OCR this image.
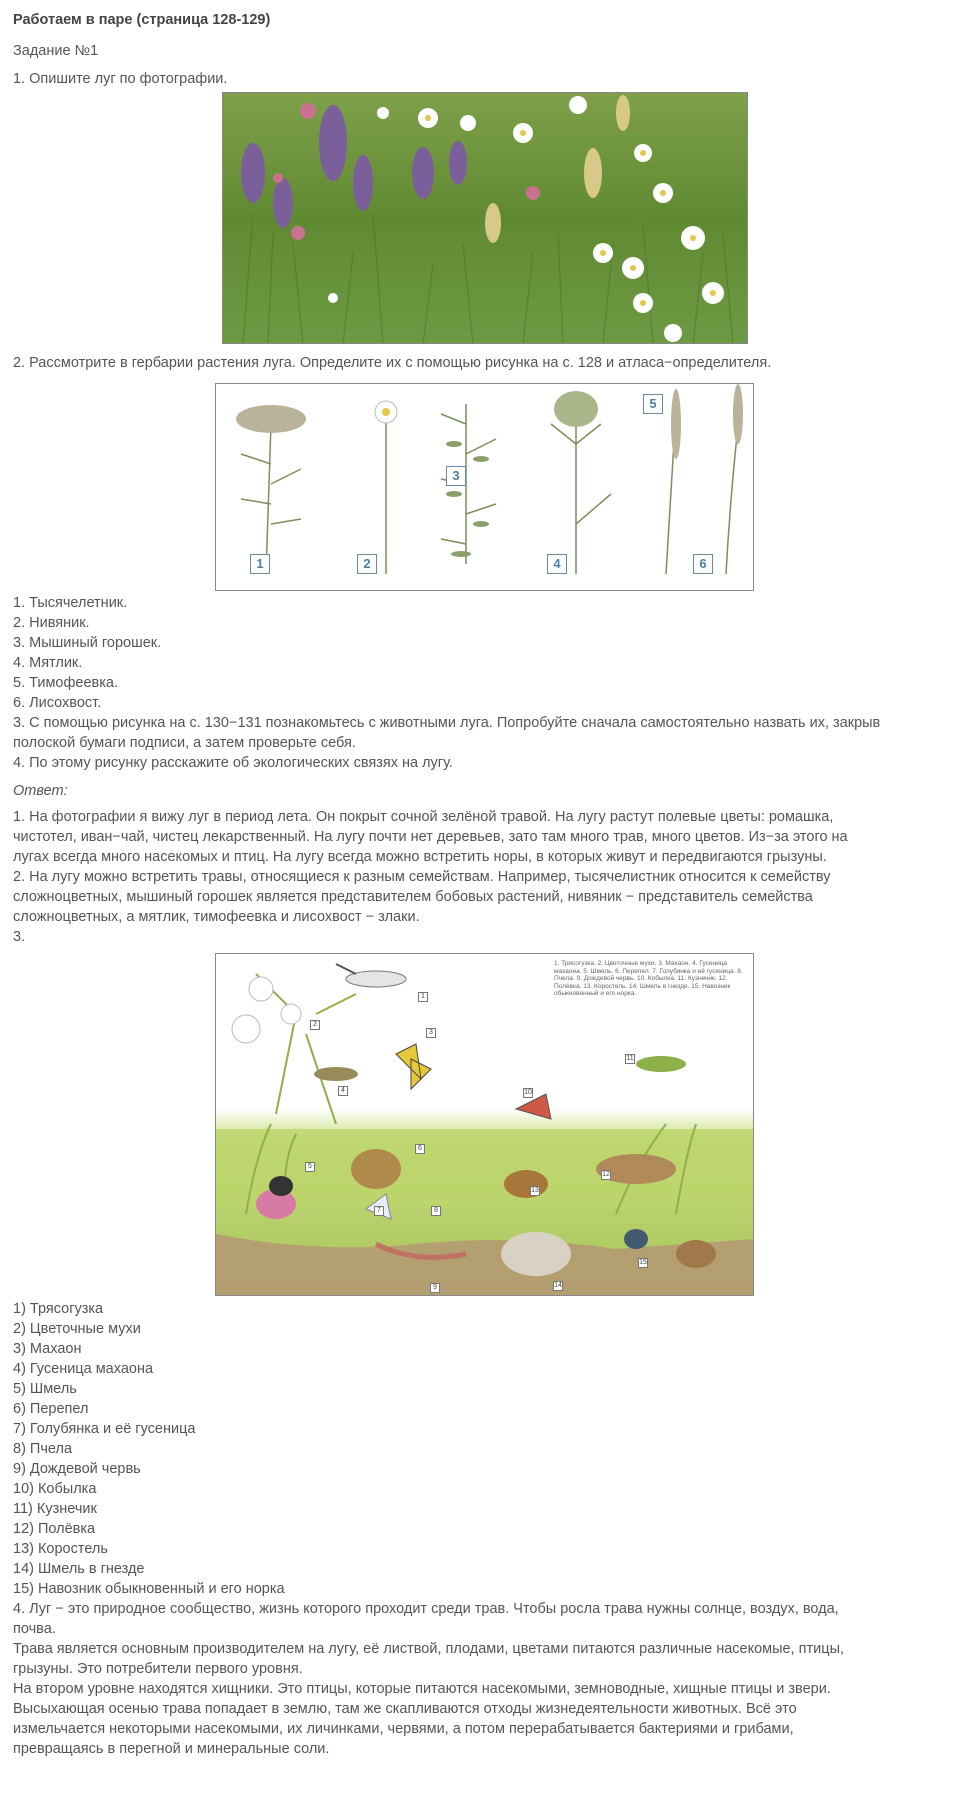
Работаем в паре (страница 128-129)
Задание №1
1. Опишите луг по фотографии.
2. Рассмотрите в гербарии растения луга. Определите их с помощью рисунка на с. 128 и атласа−определителя.
1	2
3
4
5
6
1. Тысячелетник.
2. Нивяник.
3. Мышиный горошек.
4. Мятлик.
5. Тимофеевка.
6. Лисохвост.
3. С помощью рисунка на с. 130−131 познакомьтесь с животными луга. Попробуйте сначала самостоятельно назвать их, закрыв полоской бумаги подписи, а затем проверьте себя.
4. По этому рисунку расскажите об экологических связях на лугу.
Ответ:
1. На фотографии я вижу луг в период лета. Он покрыт сочной зелёной травой. На лугу растут полевые цветы: ромашка,
чистотел, иван−чай, чистец лекарственный. На лугу почти нет деревьев, зато там много трав, много цветов. Из−за этого на
лугах всегда много насекомых и птиц. На лугу всегда можно встретить норы, в которых живут и передвигаются грызуны.
2. На лугу можно встретить травы, относящиеся к разным семействам. Например, тысячелистник относится к семейству
сложноцветных, мышиный горошек является представителем бобовых растений, нивяник − представитель семейства
сложноцветных, а мятлик, тимофеевка и лисохвост − злаки.
3.
1. Трясогузка. 2. Цветочные мухи. 3. Махаон. 4. Гусеница махаона. 5. Шмель. 6. Перепел. 7. Голубянка и её гусеница. 8. Пчела. 9. Дождевой червь. 10. Кобылка. 11. Кузнечик. 12. Полёвка. 13. Коростель. 14. Шмель в гнезде. 15. Навозник обыкновенный и его норка.
1
2
3
4
5
6
7	8
9
10
11
12
13
14
15
1) Трясогузка
2) Цветочные мухи
3) Махаон
4) Гусеница махаона
5) Шмель
6) Перепел
7) Голубянка и её гусеница
8) Пчела
9) Дождевой червь
10) Кобылка
11) Кузнечик
12) Полёвка
13) Коростель
14) Шмель в гнезде
15) Навозник обыкновенный и его норка
4. Луг − это природное сообщество, жизнь которого проходит среди трав. Чтобы росла трава нужны солнце, воздух, вода,
почва.
Трава является основным производителем на лугу, её листвой, плодами, цветами питаются различные насекомые, птицы,
грызуны. Это потребители первого уровня.
На втором уровне находятся хищники. Это птицы, которые питаются насекомыми, земноводные, хищные птицы и звери.
Высыхающая осенью трава попадает в землю, там же скапливаются отходы жизнедеятельности животных. Всё это
измельчается некоторыми насекомыми, их личинками, червями, а потом перерабатывается бактериями и грибами,
превращаясь в перегной и минеральные соли.
